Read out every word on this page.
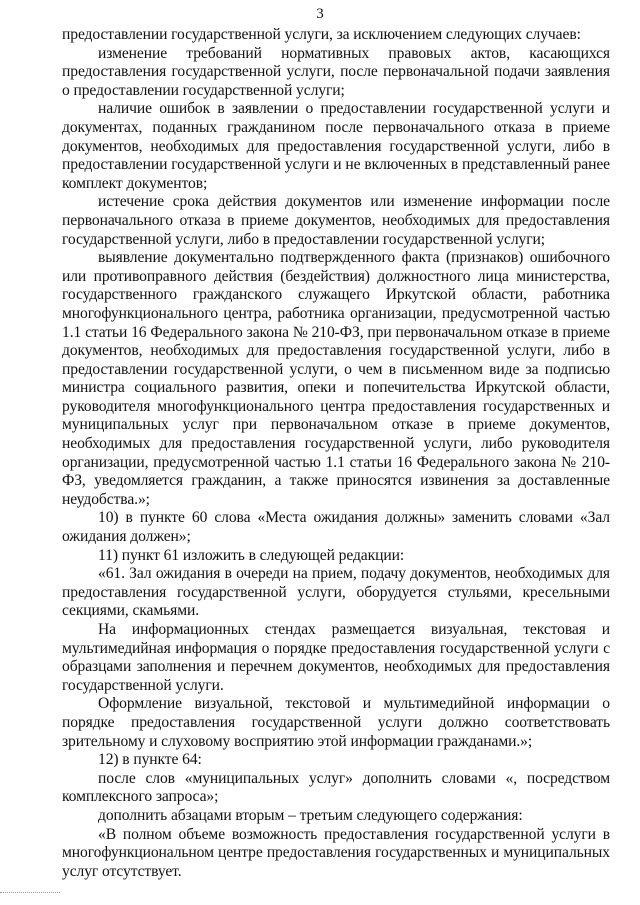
3

предоставлении государственной услуги, за исключением следующих случаев:

изменение требований нормативных правовых актов, касающихся предоставления государственной услуги, после первоначальной подачи заявления о предоставлении государственной услуги;

наличие ошибок в заявлении о предоставлении государственной услуги и документах, поданных гражданином после первоначального отказа в приеме документов, необходимых для предоставления государственной услуги, либо в предоставлении государственной услуги и не включенных в представленный ранее комплект документов;

истечение срока действия документов или изменение информации после первоначального отказа в приеме документов, необходимых для предоставления государственной услуги, либо в предоставлении государственной услуги;

выявление документально подтвержденного факта (признаков) ошибочного или противоправного действия (бездействия) должностного лица министерства, государственного гражданского служащего Иркутской области, работника многофункционального центра, работника организации, предусмотренной частью 1.1 статьи 16 Федерального закона № 210-ФЗ, при первоначальном отказе в приеме документов, необходимых для предоставления государственной услуги, либо в предоставлении государственной услуги, о чем в письменном виде за подписью министра социального развития, опеки и попечительства Иркутской области, руководителя многофункционального центра предоставления государственных и муниципальных услуг при первоначальном отказе в приеме документов, необходимых для предоставления государственной услуги, либо руководителя организации, предусмотренной частью 1.1 статьи 16 Федерального закона № 210-ФЗ, уведомляется гражданин, а также приносятся извинения за доставленные неудобства.»;

10) в пункте 60 слова «Места ожидания должны» заменить словами «Зал ожидания должен»;

11) пункт 61 изложить в следующей редакции:

«61. Зал ожидания в очереди на прием, подачу документов, необходимых для предоставления государственной услуги, оборудуется стульями, кресельными секциями, скамьями.

На информационных стендах размещается визуальная, текстовая и мультимедийная информация о порядке предоставления государственной услуги с образцами заполнения и перечнем документов, необходимых для предоставления государственной услуги.

Оформление визуальной, текстовой и мультимедийной информации о порядке предоставления государственной услуги должно соответствовать зрительному и слуховому восприятию этой информации гражданами.»;

12) в пункте 64:

после слов «муниципальных услуг» дополнить словами «, посредством комплексного запроса»;

дополнить абзацами вторым – третьим следующего содержания:

«В полном объеме возможность предоставления государственной услуги в многофункциональном центре предоставления государственных и муниципальных услуг отсутствует.
